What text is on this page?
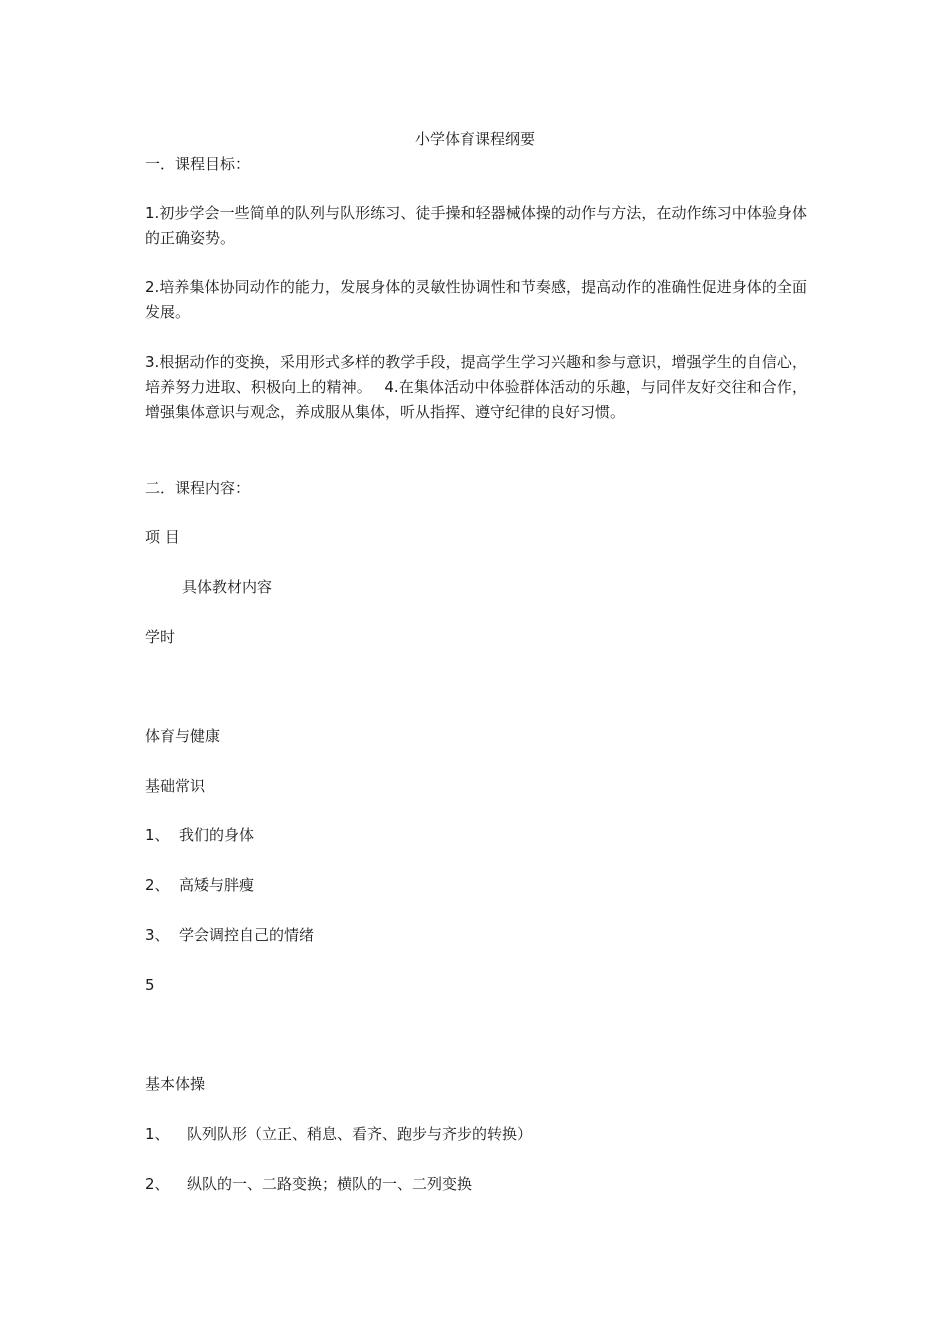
小学体育课程纲要
一．课程目标：
1.初步学会一些简单的队列与队形练习、徒手操和轻器械体操的动作与方法，在动作练习中体验身体的正确姿势。
2.培养集体协同动作的能力，发展身体的灵敏性协调性和节奏感，提高动作的准确性促进身体的全面发展。
3.根据动作的变换，采用形式多样的教学手段，提高学生学习兴趣和参与意识，增强学生的自信心，培养努力进取、积极向上的精神。　 4.在集体活动中体验群体活动的乐趣，与同伴友好交往和合作，增强集体意识与观念，养成服从集体，听从指挥、遵守纪律的良好习惯。
二．课程内容：
项 目
具体教材内容
学时
体育与健康
基础常识
1、 我们的身体
2、 高矮与胖瘦
3、 学会调控自己的情绪
5
基本体操
1、 队列队形（立正、稍息、看齐、跑步与齐步的转换）
2、 纵队的一、二路变换；横队的一、二列变换
